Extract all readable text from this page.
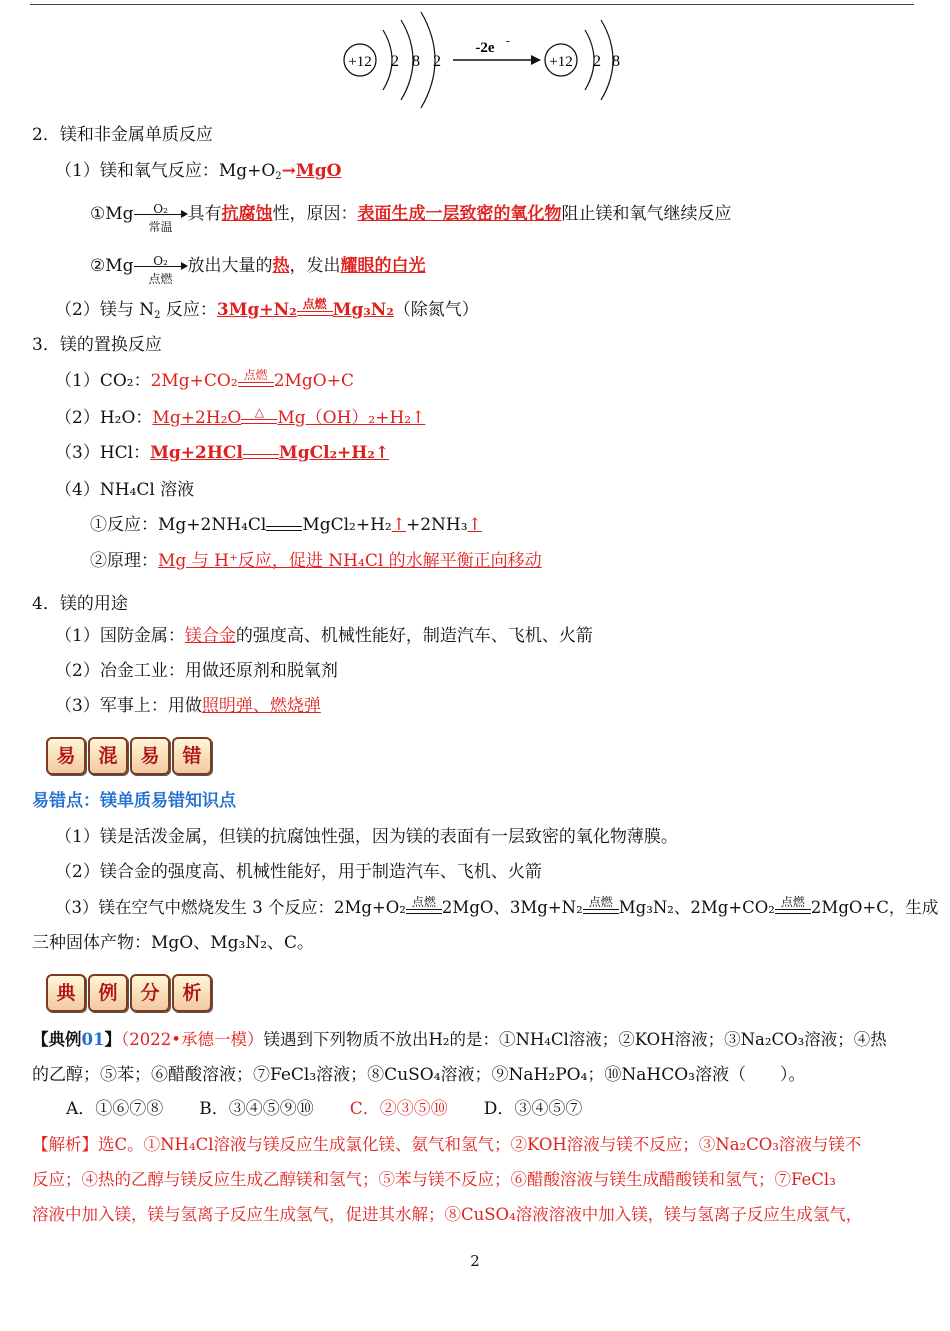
+12 2 8 2
-2e -
+12 2 8
2．镁和非金属单质反应
（1）镁和氧气反应：$Mg+O_2\to MgO$
①Mg	O₂
常温
具有抗腐蚀性，原因：表面生成一层致密的氧化物阻止镁和氧气继续反应
②Mg	O₂
点燃
放出大量的热，发出耀眼的白光
（2）镁与 $N_2$ 反应：3Mg+N₂ 点燃 Mg₃N₂（除氮气）
3．镁的置换反应
（1）CO₂：2Mg+CO₂ 点燃 2MgO+C
（2）H₂O：Mg+2H₂O	△ Mg（OH）₂+H₂↑
（3）HCl：Mg+2HCl MgCl₂+H₂↑
（4）NH₄Cl 溶液
①反应：Mg+2NH₄Cl MgCl₂+H₂↑+2NH₃↑
②原理：Mg 与 H⁺反应，促进 NH₄Cl 的水解平衡正向移动
4．镁的用途
（1）国防金属：镁合金的强度高、机械性能好，制造汽车、飞机、火箭
（2）冶金工业：用做还原剂和脱氧剂
（3）军事上：用做照明弹、燃烧弹
易	混	易	错
易错点：镁单质易错知识点
（1）镁是活泼金属，但镁的抗腐蚀性强，因为镁的表面有一层致密的氧化物薄膜。
（2）镁合金的强度高、机械性能好，用于制造汽车、飞机、火箭
（3）镁在空气中燃烧发生 3 个反应：2Mg+O₂ 点燃 2MgO、3Mg+N₂ 点燃 Mg₃N₂、2Mg+CO₂ 点燃 2MgO+C，生成
三种固体产物：MgO、Mg₃N₂、C。
典	例	分	析
【典例01】（2022•承德一模）镁遇到下列物质不放出H₂的是：①NH₄Cl溶液；②KOH溶液；③Na₂CO₃溶液；④热
的乙醇；⑤苯；⑥醋酸溶液；⑦FeCl₃溶液；⑧CuSO₄溶液；⑨NaH₂PO₄；⑩NaHCO₃溶液（　　）。
A．①⑥⑦⑧ B．③④⑤⑨⑩ C．②③⑤⑩ D．③④⑤⑦
【解析】选C。①NH₄Cl溶液与镁反应生成氯化镁、氨气和氢气；②KOH溶液与镁不反应；③Na₂CO₃溶液与镁不
反应；④热的乙醇与镁反应生成乙醇镁和氢气；⑤苯与镁不反应；⑥醋酸溶液与镁生成醋酸镁和氢气；⑦FeCl₃
溶液中加入镁，镁与氢离子反应生成氢气，促进其水解；⑧CuSO₄溶液溶液中加入镁，镁与氢离子反应生成氢气，
2
